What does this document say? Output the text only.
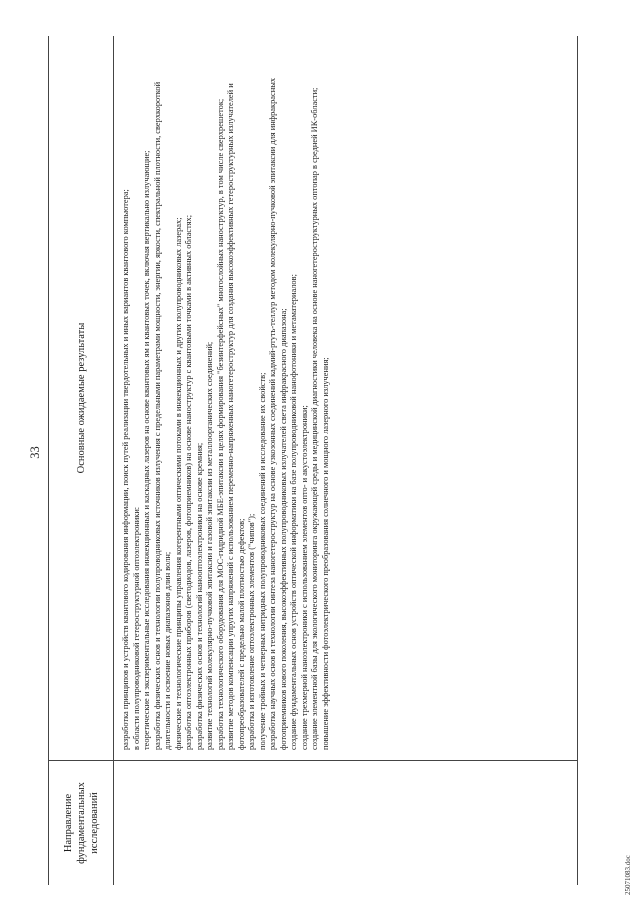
33
Направление фундаментальных исследований
Основные ожидаемые результаты	разработка принципов и устройств квантового кодирования информации, поиск путей реализации твердотельных и иных вариантов квантового компьютера; в области полупроводниковой гетероструктурной оптоэлектроники: теоретические и экспериментальные исследования инжекционных и каскадных лазеров на основе квантовых ям и квантовых точек, включая вертикально излучающие; разработка физических основ и технологии полупроводниковых источников излучения с предельными параметрами мощности, энергии, яркости, спектральной плотности, сверхкороткой длительности и освоение новых диапазонов длин волн; физические и технологические принципы управления когерентными оптическими потоками в инжекционных и других полупроводниковых лазерах; разработка оптоэлектронных приборов (светодиодов, лазеров, фотоприемников) на основе наноструктур с квантовыми точками в активных областях; разработка физических основ и технологий нанооптоэлектроники на основе кремния; развитие технологий молекулярно-пучковой эпитаксии и газовой эпитаксии из металлоорганических соединений; разработка технологического оборудования для МОС-гидридной МБЕ-эпитаксии в целях формирования "безинтерфейсных" многослойных наноструктур, в том числе сверхрешеток; развитие методов компенсации упругих напряжений с использованием переменно-напряженных наногетероструктур для создания высокоэффективных гетероструктурных излучателей и фотопреобразователей с предельно малой плотностью дефектов; разработка и изготовление оптоэлектронных элементов ("чипов"); получение тройных и четверных нитридных полупроводниковых соединений и исследование их свойств; разработка научных основ и технологии синтеза наногетероструктур на основе узкозонных соединений кадмий-ртуть-теллур методом молекулярно-пучковой эпитаксии для инфракрасных фотоприемников нового поколения, высокоэффективных полупроводниковых излучателей света инфракрасного диапазона; создание фундаментальных основ устройств оптической информатики на базе полупроводниковой нанофотоники и метаматериалов; создание трехмерной наноэлектроники с использованием элементов опто- и акустоэлектроники; создание элементной базы для экологического мониторинга окружающей среды и медицинской диагностики человека на основе наногетероструктурных оптопар в средней ИК-области; повышение эффективности фотоэлектрического преобразования солнечного и мощного лазерного излучения;
25071083.doc
